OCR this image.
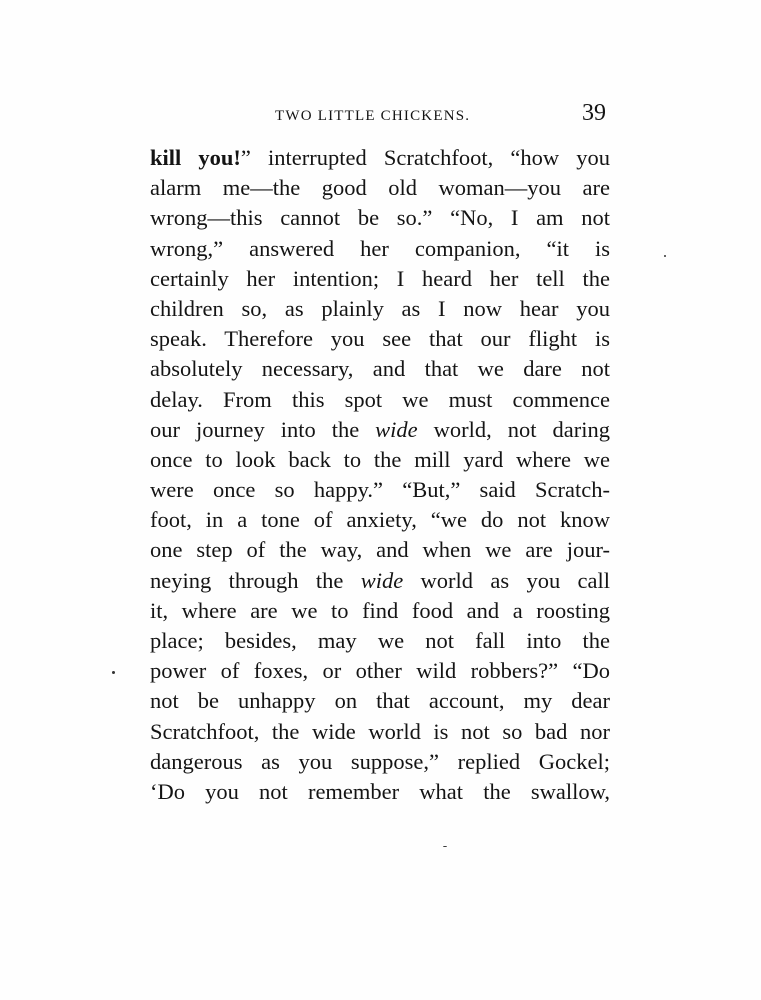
TWO LITTLE CHICKENS.	39
kill you!” interrupted Scratchfoot, “how you
alarm me—the good old woman—you are
wrong—this cannot be so.” “No, I am not
wrong,” answered her companion, “it is
certainly her intention; I heard her tell the
children so, as plainly as I now hear you
speak. Therefore you see that our flight is
absolutely necessary, and that we dare not
delay. From this spot we must commence
our journey into the wide world, not daring
once to look back to the mill yard where we
were once so happy.” “But,” said Scratch-
foot, in a tone of anxiety, “we do not know
one step of the way, and when we are jour-
neying through the wide world as you call
it, where are we to find food and a roosting
place; besides, may we not fall into the
power of foxes, or other wild robbers?” “Do
not be unhappy on that account, my dear
Scratchfoot, the wide world is not so bad nor
dangerous as you suppose,” replied Gockel;
‘Do you not remember what the swallow,
